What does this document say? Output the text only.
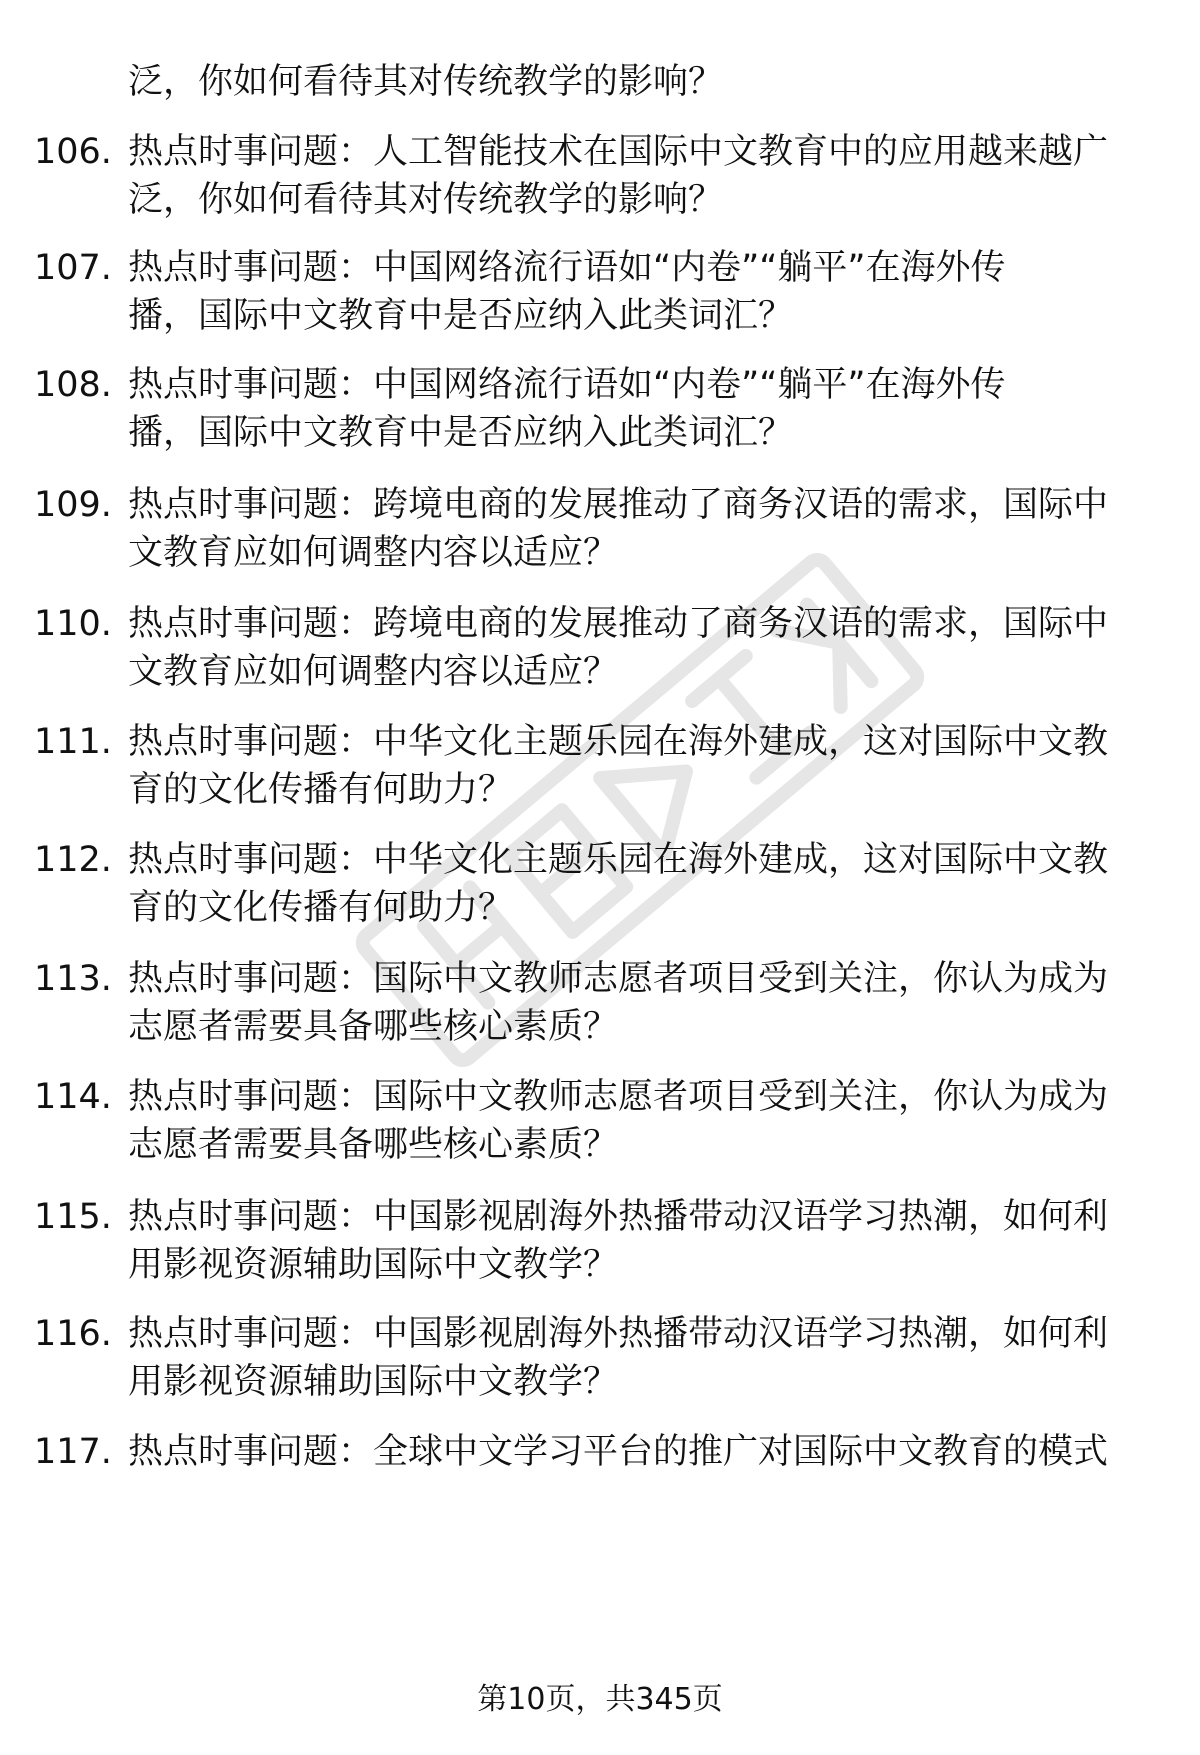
泛，你如何看待其对传统教学的影响？
106. 热点时事问题：人工智能技术在国际中文教育中的应用越来越广
泛，你如何看待其对传统教学的影响？
107. 热点时事问题：中国网络流行语如“内卷”“躺平”在海外传
播，国际中文教育中是否应纳入此类词汇？
108. 热点时事问题：中国网络流行语如“内卷”“躺平”在海外传
播，国际中文教育中是否应纳入此类词汇？
109. 热点时事问题：跨境电商的发展推动了商务汉语的需求，国际中
文教育应如何调整内容以适应？
110. 热点时事问题：跨境电商的发展推动了商务汉语的需求，国际中
文教育应如何调整内容以适应？
111. 热点时事问题：中华文化主题乐园在海外建成，这对国际中文教
育的文化传播有何助力？
112. 热点时事问题：中华文化主题乐园在海外建成，这对国际中文教
育的文化传播有何助力？
113. 热点时事问题：国际中文教师志愿者项目受到关注，你认为成为
志愿者需要具备哪些核心素质？
114. 热点时事问题：国际中文教师志愿者项目受到关注，你认为成为
志愿者需要具备哪些核心素质？
115. 热点时事问题：中国影视剧海外热播带动汉语学习热潮，如何利
用影视资源辅助国际中文教学？
116. 热点时事问题：中国影视剧海外热播带动汉语学习热潮，如何利
用影视资源辅助国际中文教学？
117. 热点时事问题：全球中文学习平台的推广对国际中文教育的模式
第10页，共345页
